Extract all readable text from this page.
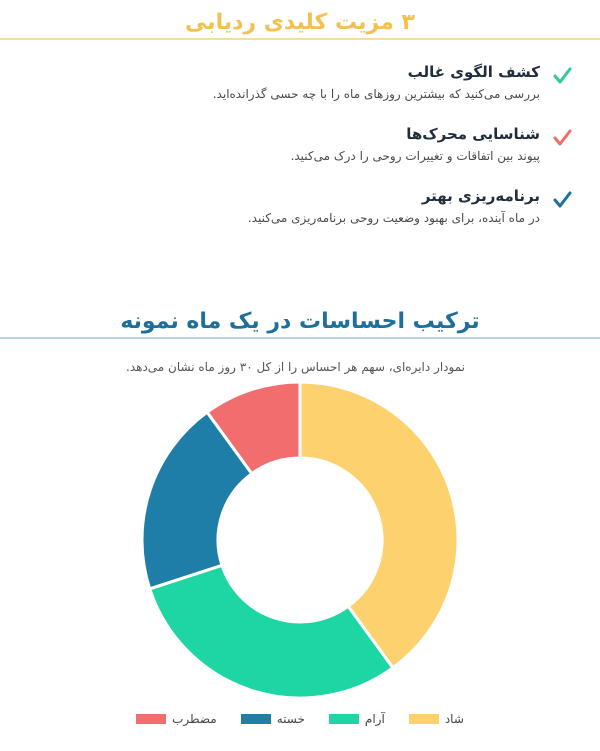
۳ مزیت کلیدی ردیابی
کشف الگوی غالب
بررسی می‌کنید که بیشترین روزهای ماه را با چه حسی گذرانده‌اید.
شناسایی محرک‌ها
پیوند بین اتفاقات و تغییرات روحی را درک می‌کنید.
برنامه‌ریزی بهتر
در ماه آینده، برای بهبود وضعیت روحی برنامه‌ریزی می‌کنید.
ترکیب احساسات در یک ماه نمونه
نمودار دایره‌ای، سهم هر احساس را از کل ۳۰ روز ماه نشان می‌دهد.
شاد
آرام
خسته
مضطرب
